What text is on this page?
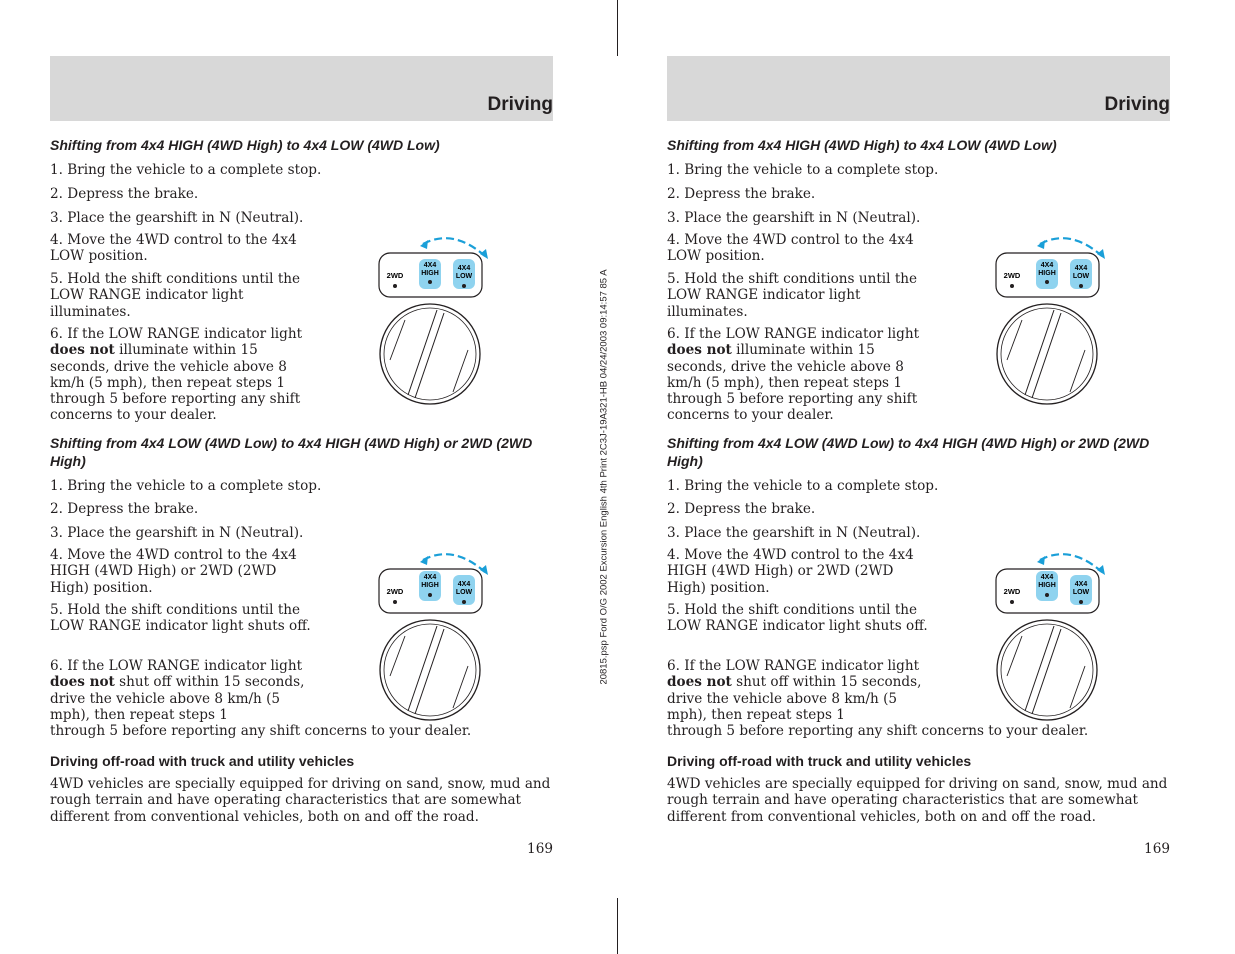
Driving
Shifting from 4x4 HIGH (4WD High) to 4x4 LOW (4WD Low)

1. Bring the vehicle to a complete stop.

2. Depress the brake.

3. Place the gearshift in N (Neutral).

4. Move the 4WD control to the 4x4 LOW position.

5. Hold the shift conditions until the LOW RANGE indicator light illuminates.

6. If the LOW RANGE indicator light does not illuminate within 15 seconds, drive the vehicle above 8 km/h (5 mph), then repeat steps 1 through 5 before reporting any shift concerns to your dealer.

2WD
4X4
HIGH
4X4
LOW
Shifting from 4x4 LOW (4WD Low) to 4x4 HIGH (4WD High) or 2WD (2WD High)

1. Bring the vehicle to a complete stop.

2. Depress the brake.

3. Place the gearshift in N (Neutral).

4. Move the 4WD control to the 4x4 HIGH (4WD High) or 2WD (2WD High) position.

5. Hold the shift conditions until the LOW RANGE indicator light shuts off.

6. If the LOW RANGE indicator light does not shut off within 15 seconds, drive the vehicle above 8 km/h (5 mph), then repeat steps 1

through 5 before reporting any shift concerns to your dealer.

2WD
4X4
HIGH	4X4
LOW
Driving off-road with truck and utility vehicles

4WD vehicles are specially equipped for driving on sand, snow, mud and rough terrain and have operating characteristics that are somewhat different from conventional vehicles, both on and off the road.

169
20815.psp Ford O/G 2002 Excursion English 4th Print 2C3J-19A321-HB 04/24/2003 09:14:57 85 A
Driving
Shifting from 4x4 HIGH (4WD High) to 4x4 LOW (4WD Low)

1. Bring the vehicle to a complete stop.

2. Depress the brake.

3. Place the gearshift in N (Neutral).

4. Move the 4WD control to the 4x4 LOW position.

5. Hold the shift conditions until the LOW RANGE indicator light illuminates.

6. If the LOW RANGE indicator light does not illuminate within 15 seconds, drive the vehicle above 8 km/h (5 mph), then repeat steps 1 through 5 before reporting any shift concerns to your dealer.

2WD
4X4
HIGH
4X4
LOW
Shifting from 4x4 LOW (4WD Low) to 4x4 HIGH (4WD High) or 2WD (2WD High)

1. Bring the vehicle to a complete stop.

2. Depress the brake.

3. Place the gearshift in N (Neutral).

4. Move the 4WD control to the 4x4 HIGH (4WD High) or 2WD (2WD High) position.

5. Hold the shift conditions until the LOW RANGE indicator light shuts off.

6. If the LOW RANGE indicator light does not shut off within 15 seconds, drive the vehicle above 8 km/h (5 mph), then repeat steps 1

through 5 before reporting any shift concerns to your dealer.

2WD
4X4
HIGH	4X4
LOW
Driving off-road with truck and utility vehicles

4WD vehicles are specially equipped for driving on sand, snow, mud and rough terrain and have operating characteristics that are somewhat different from conventional vehicles, both on and off the road.

169
